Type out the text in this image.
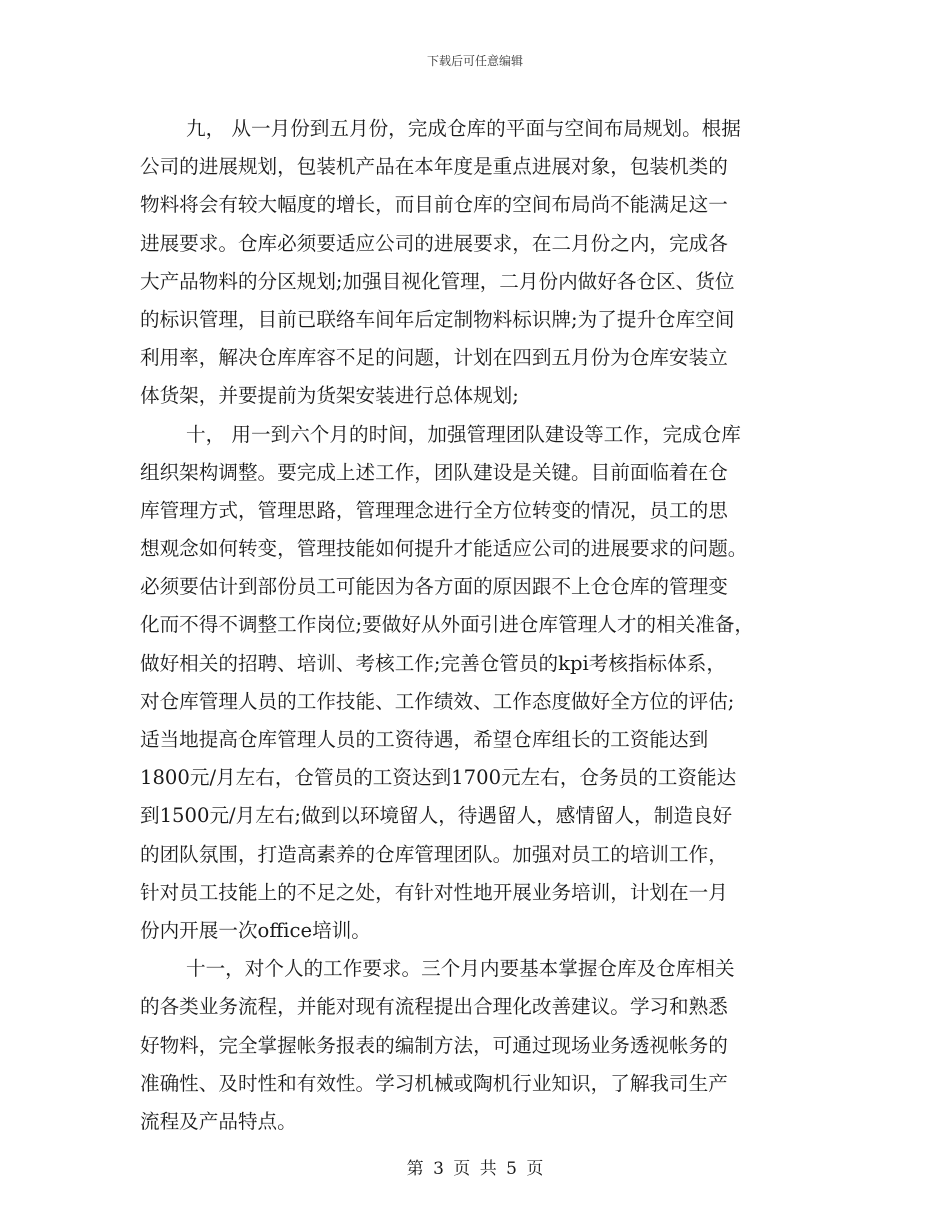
下载后可任意编辑
九， 从一月份到五月份，完成仓库的平面与空间布局规划。根据
公司的进展规划，包装机产品在本年度是重点进展对象，包装机类的
物料将会有较大幅度的增长，而目前仓库的空间布局尚不能满足这一
进展要求。仓库必须要适应公司的进展要求，在二月份之内，完成各
大产品物料的分区规划;加强目视化管理，二月份内做好各仓区、货位
的标识管理，目前已联络车间年后定制物料标识牌;为了提升仓库空间
利用率，解决仓库库容不足的问题，计划在四到五月份为仓库安装立
体货架，并要提前为货架安装进行总体规划;
十， 用一到六个月的时间，加强管理团队建设等工作，完成仓库
组织架构调整。要完成上述工作，团队建设是关键。目前面临着在仓
库管理方式，管理思路，管理理念进行全方位转变的情况，员工的思
想观念如何转变，管理技能如何提升才能适应公司的进展要求的问题。
必须要估计到部份员工可能因为各方面的原因跟不上仓仓库的管理变
化而不得不调整工作岗位;要做好从外面引进仓库管理人才的相关准备，
做好相关的招聘、培训、考核工作;完善仓管员的kpi考核指标体系，
对仓库管理人员的工作技能、工作绩效、工作态度做好全方位的评估;
适当地提高仓库管理人员的工资待遇，希望仓库组长的工资能达到
1800元/月左右，仓管员的工资达到1700元左右，仓务员的工资能达
到1500元/月左右;做到以环境留人，待遇留人，感情留人，制造良好
的团队氛围，打造高素养的仓库管理团队。加强对员工的培训工作，
针对员工技能上的不足之处，有针对性地开展业务培训，计划在一月
份内开展一次office培训。
十一，对个人的工作要求。三个月内要基本掌握仓库及仓库相关
的各类业务流程，并能对现有流程提出合理化改善建议。学习和熟悉
好物料，完全掌握帐务报表的编制方法，可通过现场业务透视帐务的
准确性、及时性和有效性。学习机械或陶机行业知识，了解我司生产
流程及产品特点。
第 3 页 共 5 页
